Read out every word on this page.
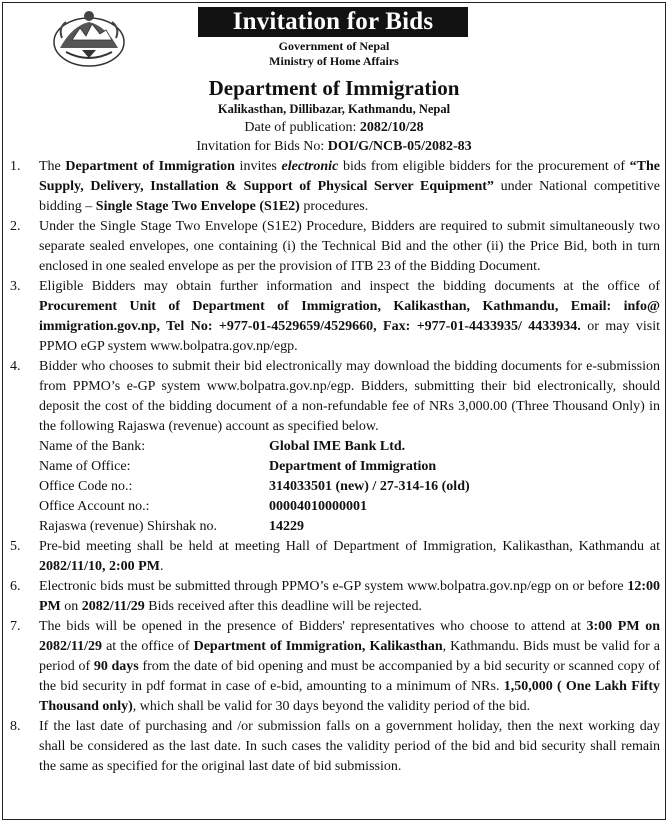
Invitation for Bids
Government of Nepal
Ministry of Home Affairs
Department of Immigration
Kalikasthan, Dillibazar, Kathmandu, Nepal
Date of publication: 2082/10/28
Invitation for Bids No: DOI/G/NCB-05/2082-83
1.	The Department of Immigration invites electronic bids from eligible bidders for the procurement of “The Supply, Delivery, Installation & Support of Physical Server Equipment” under National competitive bidding – Single Stage Two Envelope (S1E2) procedures.
2.	Under the Single Stage Two Envelope (S1E2) Procedure, Bidders are required to submit simultaneously two separate sealed envelopes, one containing (i) the Technical Bid and the other (ii) the Price Bid, both in turn enclosed in one sealed envelope as per the provision of ITB 23 of the Bidding Document.
3.	Eligible Bidders may obtain further information and inspect the bidding documents at the office of Procurement Unit of Department of Immigration, Kalikasthan, Kathmandu, Email: info@ immigration.gov.np, Tel No: +977-01-4529659/4529660, Fax: +977-01-4433935/ 4433934. or may visit PPMO eGP system www.bolpatra.gov.np/egp.
4.	Bidder who chooses to submit their bid electronically may download the bidding documents for e-submission from PPMO’s e-GP system www.bolpatra.gov.np/egp. Bidders, submitting their bid electronically, should deposit the cost of the bidding document of a non-refundable fee of NRs 3,000.00 (Three Thousand Only) in the following Rajaswa (revenue) account as specified below.
Name of the Bank:	Global IME Bank Ltd.
Name of Office:	Department of Immigration
Office Code no.:	314033501 (new) / 27-314-16 (old)
Office Account no.:	00004010000001
Rajaswa (revenue) Shirshak no.	14229
5.	Pre-bid meeting shall be held at meeting Hall of Department of Immigration, Kalikasthan, Kathmandu at 2082/11/10, 2:00 PM.
6.	Electronic bids must be submitted through PPMO’s e-GP system www.bolpatra.gov.np/egp on or before 12:00 PM on 2082/11/29 Bids received after this deadline will be rejected.
7.	The bids will be opened in the presence of Bidders' representatives who choose to attend at 3:00 PM on 2082/11/29 at the office of Department of Immigration, Kalikasthan, Kathmandu. Bids must be valid for a period of 90 days from the date of bid opening and must be accompanied by a bid security or scanned copy of the bid security in pdf format in case of e-bid, amounting to a minimum of NRs. 1,50,000 ( One Lakh Fifty Thousand only), which shall be valid for 30 days beyond the validity period of the bid.
8.	If the last date of purchasing and /or submission falls on a government holiday, then the next working day shall be considered as the last date. In such cases the validity period of the bid and bid security shall remain the same as specified for the original last date of bid submission.
